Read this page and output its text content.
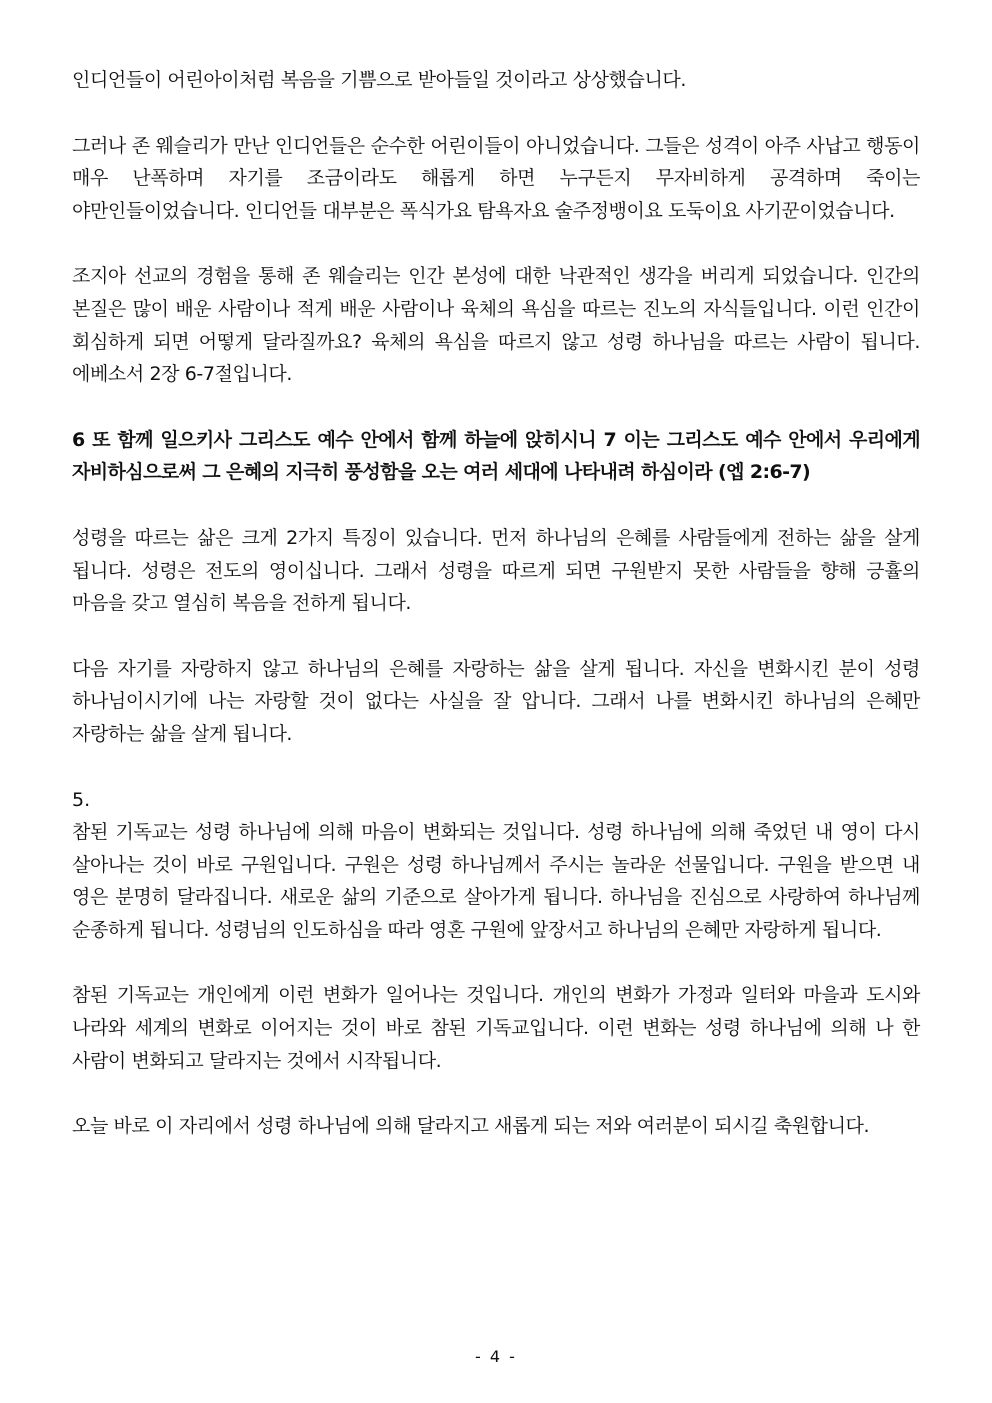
인디언들이 어린아이처럼 복음을 기쁨으로 받아들일 것이라고 상상했습니다.

그러나 존 웨슬리가 만난 인디언들은 순수한 어린이들이 아니었습니다. 그들은 성격이 아주 사납고 행동이 매우 난폭하며 자기를 조금이라도 해롭게 하면 누구든지 무자비하게 공격하며 죽이는 야만인들이었습니다. 인디언들 대부분은 폭식가요 탐욕자요 술주정뱅이요 도둑이요 사기꾼이었습니다.

조지아 선교의 경험을 통해 존 웨슬리는 인간 본성에 대한 낙관적인 생각을 버리게 되었습니다. 인간의 본질은 많이 배운 사람이나 적게 배운 사람이나 육체의 욕심을 따르는 진노의 자식들입니다. 이런 인간이 회심하게 되면 어떻게 달라질까요? 육체의 욕심을 따르지 않고 성령 하나님을 따르는 사람이 됩니다. 에베소서 2장 6-7절입니다.

6 또 함께 일으키사 그리스도 예수 안에서 함께 하늘에 앉히시니 7 이는 그리스도 예수 안에서 우리에게 자비하심으로써 그 은혜의 지극히 풍성함을 오는 여러 세대에 나타내려 하심이라 (엡 2:6-7)

성령을 따르는 삶은 크게 2가지 특징이 있습니다. 먼저 하나님의 은혜를 사람들에게 전하는 삶을 살게 됩니다. 성령은 전도의 영이십니다. 그래서 성령을 따르게 되면 구원받지 못한 사람들을 향해 긍휼의 마음을 갖고 열심히 복음을 전하게 됩니다.

다음 자기를 자랑하지 않고 하나님의 은혜를 자랑하는 삶을 살게 됩니다. 자신을 변화시킨 분이 성령 하나님이시기에 나는 자랑할 것이 없다는 사실을 잘 압니다. 그래서 나를 변화시킨 하나님의 은혜만 자랑하는 삶을 살게 됩니다.

5.

참된 기독교는 성령 하나님에 의해 마음이 변화되는 것입니다. 성령 하나님에 의해 죽었던 내 영이 다시 살아나는 것이 바로 구원입니다. 구원은 성령 하나님께서 주시는 놀라운 선물입니다. 구원을 받으면 내 영은 분명히 달라집니다. 새로운 삶의 기준으로 살아가게 됩니다. 하나님을 진심으로 사랑하여 하나님께 순종하게 됩니다. 성령님의 인도하심을 따라 영혼 구원에 앞장서고 하나님의 은혜만 자랑하게 됩니다.

참된 기독교는 개인에게 이런 변화가 일어나는 것입니다. 개인의 변화가 가정과 일터와 마을과 도시와 나라와 세계의 변화로 이어지는 것이 바로 참된 기독교입니다. 이런 변화는 성령 하나님에 의해 나 한 사람이 변화되고 달라지는 것에서 시작됩니다.

오늘 바로 이 자리에서 성령 하나님에 의해 달라지고 새롭게 되는 저와 여러분이 되시길 축원합니다.

- 4 -
